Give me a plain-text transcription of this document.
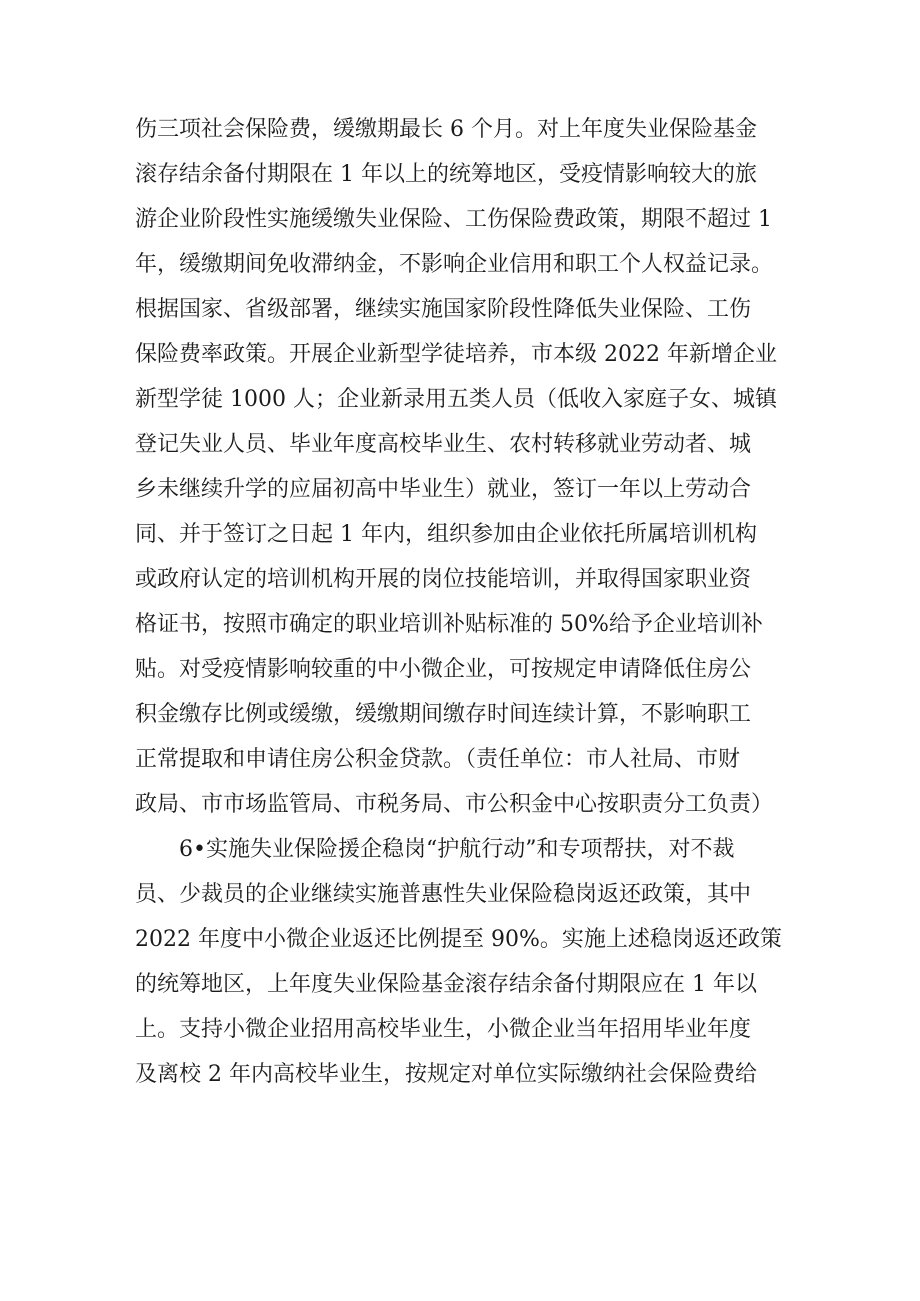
伤三项社会保险费，缓缴期最长 6 个月。对上年度失业保险基金
滚存结余备付期限在 1 年以上的统筹地区，受疫情影响较大的旅
游企业阶段性实施缓缴失业保险、工伤保险费政策，期限不超过 1
年，缓缴期间免收滞纳金，不影响企业信用和职工个人权益记录。
根据国家、省级部署，继续实施国家阶段性降低失业保险、工伤
保险费率政策。开展企业新型学徒培养，市本级 2022 年新增企业
新型学徒 1000 人；企业新录用五类人员（低收入家庭子女、城镇
登记失业人员、毕业年度高校毕业生、农村转移就业劳动者、城
乡未继续升学的应届初高中毕业生）就业，签订一年以上劳动合
同、并于签订之日起 1 年内，组织参加由企业依托所属培训机构
或政府认定的培训机构开展的岗位技能培训，并取得国家职业资
格证书，按照市确定的职业培训补贴标准的 50%给予企业培训补
贴。对受疫情影响较重的中小微企业，可按规定申请降低住房公
积金缴存比例或缓缴，缓缴期间缴存时间连续计算，不影响职工
正常提取和申请住房公积金贷款。（责任单位：市人社局、市财
政局、市市场监管局、市税务局、市公积金中心按职责分工负责）
6•实施失业保险援企稳岗“护航行动”和专项帮扶，对不裁
员、少裁员的企业继续实施普惠性失业保险稳岗返还政策，其中
2022 年度中小微企业返还比例提至 90%。实施上述稳岗返还政策
的统筹地区，上年度失业保险基金滚存结余备付期限应在 1 年以
上。支持小微企业招用高校毕业生，小微企业当年招用毕业年度
及离校 2 年内高校毕业生，按规定对单位实际缴纳社会保险费给
